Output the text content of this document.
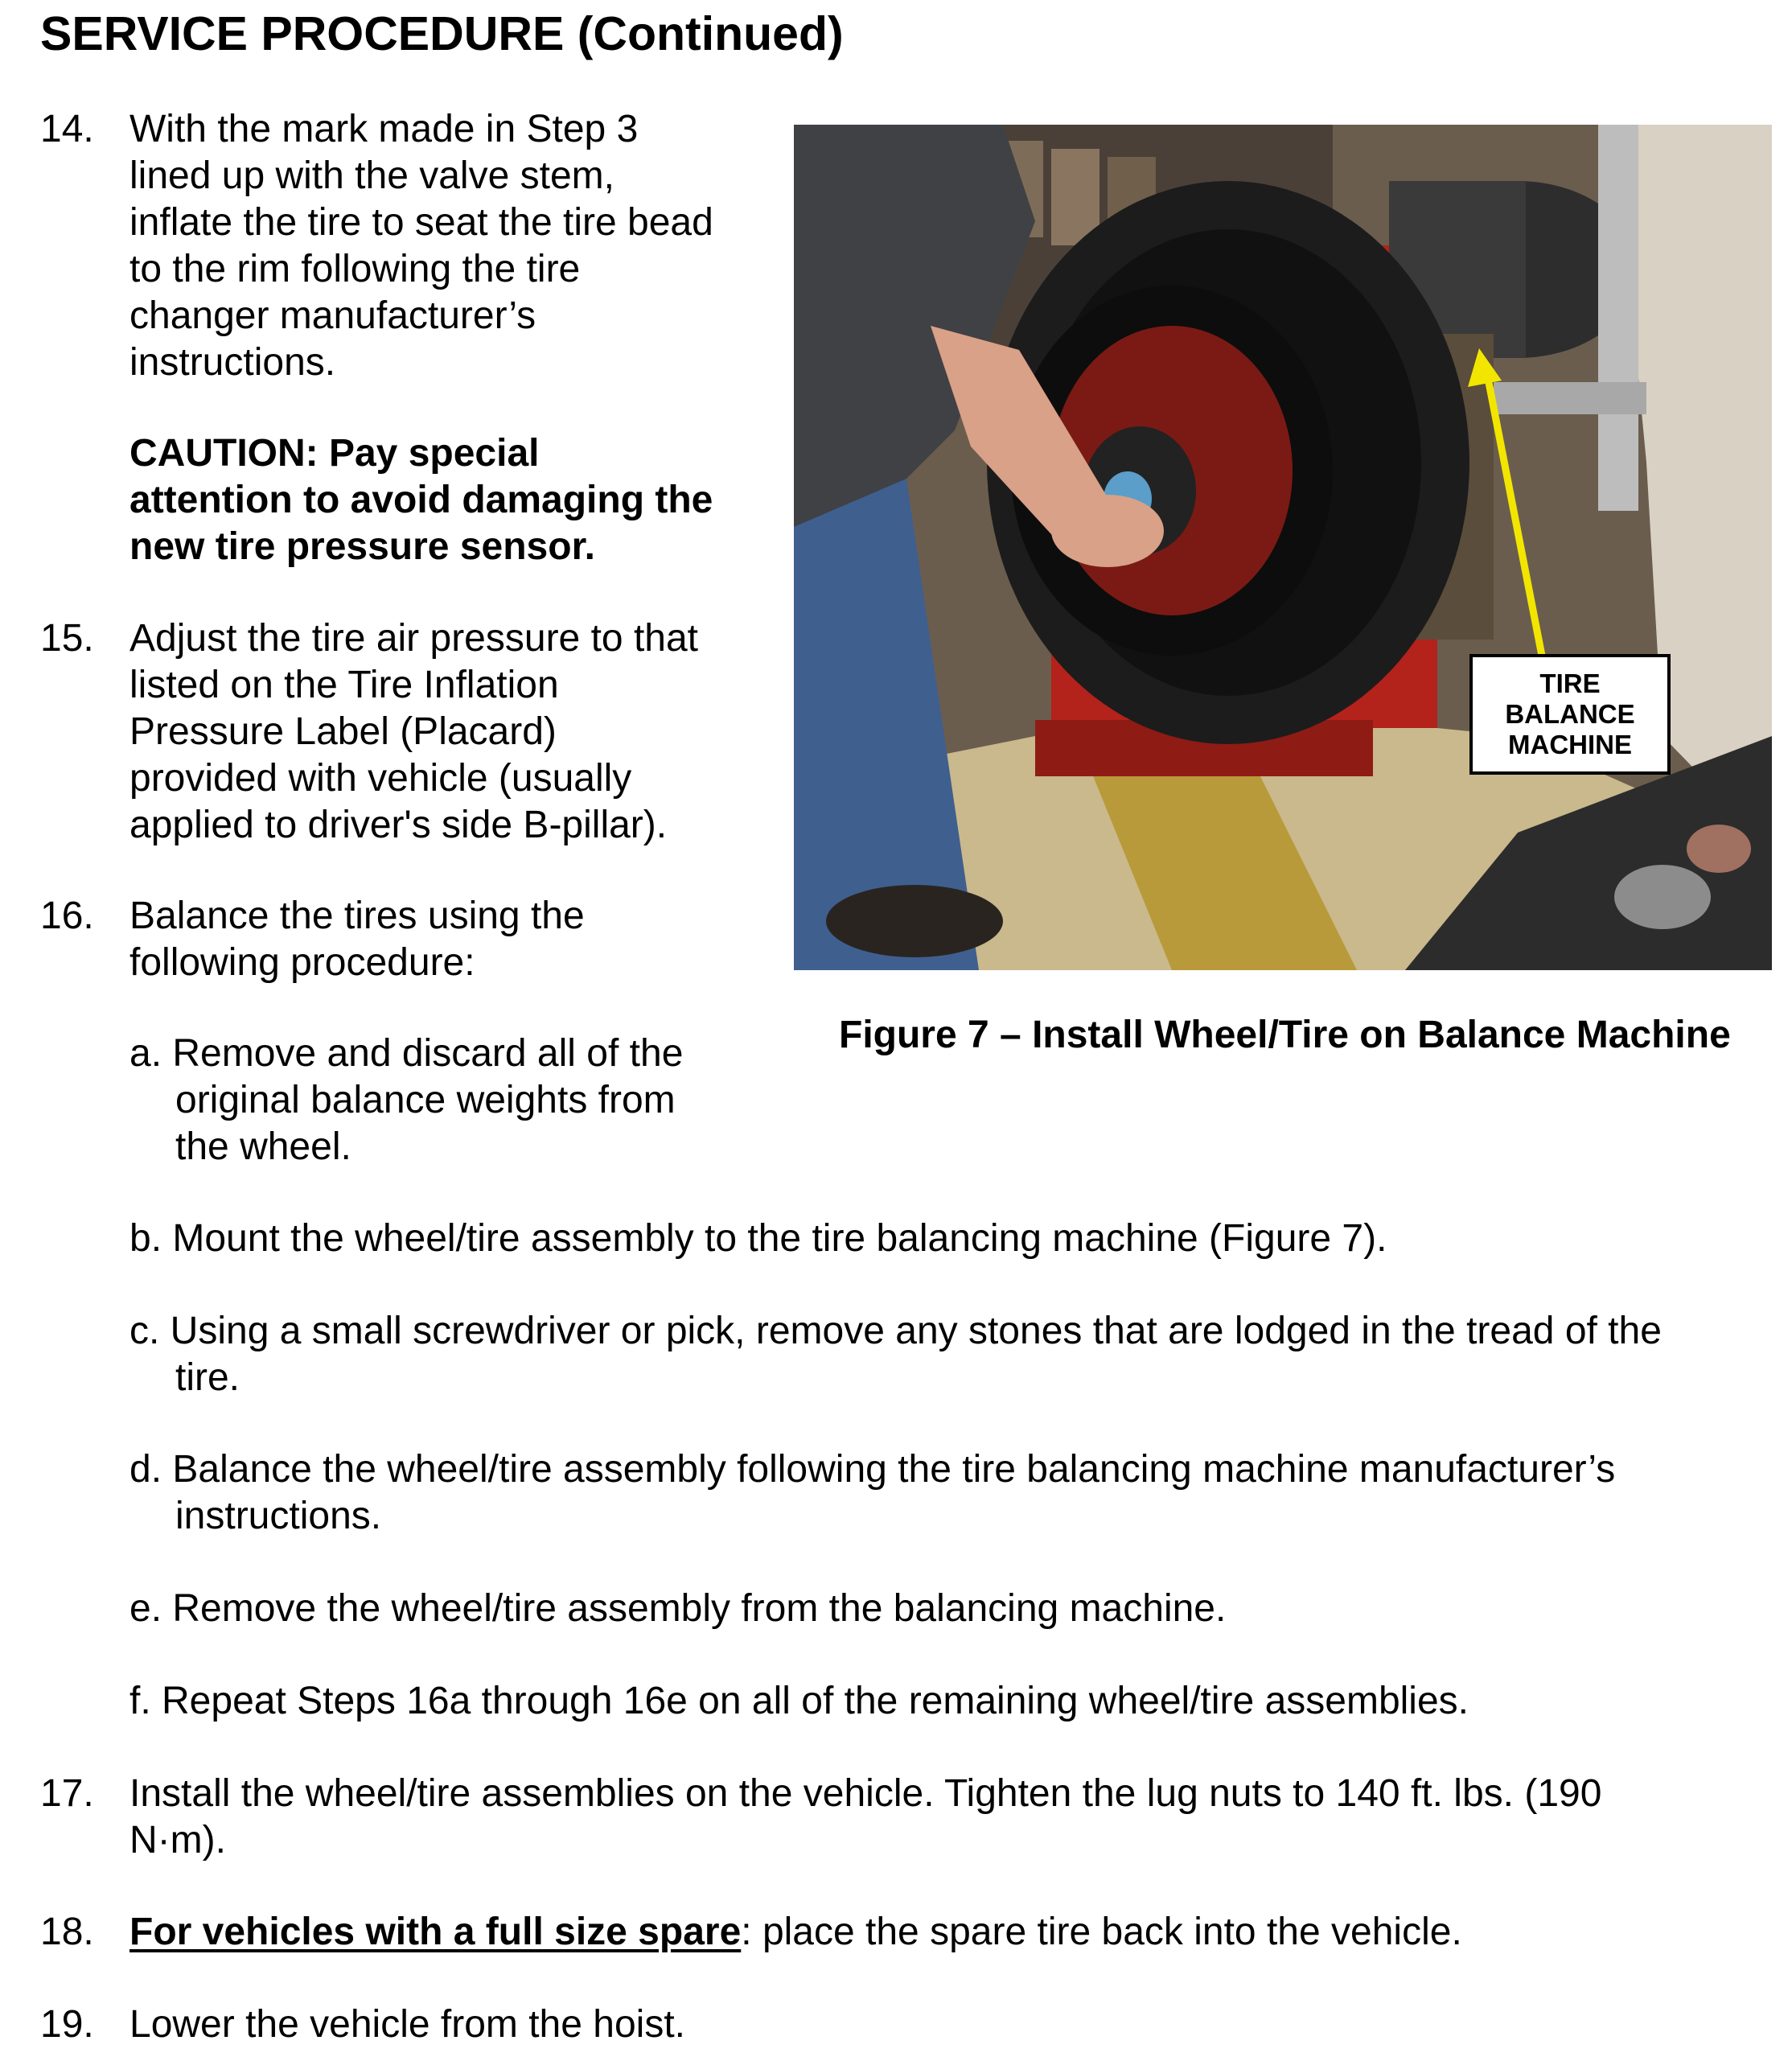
SERVICE PROCEDURE (Continued)
14. With the mark made in Step 3
lined up with the valve stem,
inflate the tire to seat the tire bead
to the rim following the tire
changer manufacturer’s
instructions.
CAUTION: Pay special
attention to avoid damaging the
new tire pressure sensor.
15. Adjust the tire air pressure to that
listed on the Tire Inflation
Pressure Label (Placard)
provided with vehicle (usually
applied to driver's side B-pillar).
16. Balance the tires using the
following procedure:
a. Remove and discard all of the
original balance weights from
the wheel.
b. Mount the wheel/tire assembly to the tire balancing machine (Figure 7).
c. Using a small screwdriver or pick, remove any stones that are lodged in the tread of the
tire.
d. Balance the wheel/tire assembly following the tire balancing machine manufacturer’s
instructions.
e. Remove the wheel/tire assembly from the balancing machine.
f. Repeat Steps 16a through 16e on all of the remaining wheel/tire assemblies.
17. Install the wheel/tire assemblies on the vehicle. Tighten the lug nuts to 140 ft. lbs. (190
N·m).
18. For vehicles with a full size spare: place the spare tire back into the vehicle.
19. Lower the vehicle from the hoist.
TIRE
BALANCE
MACHINE
Figure 7 – Install Wheel/Tire on Balance Machine
